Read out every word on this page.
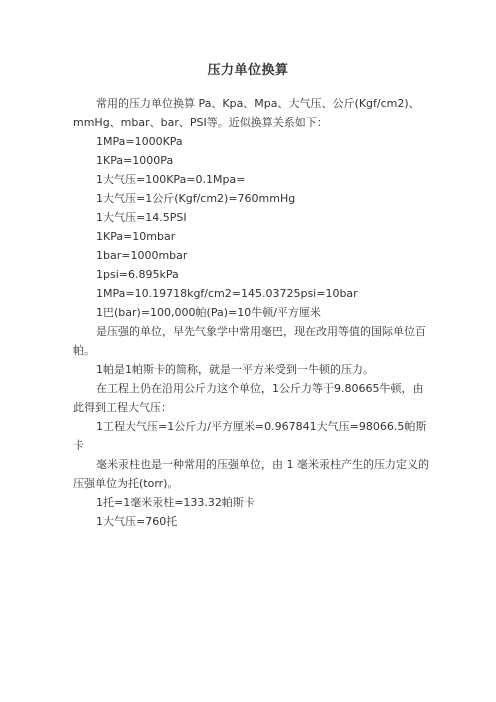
压力单位换算

常用的压力单位换算 Pa、Kpa、Mpa、大气压、公斤(Kgf/cm2)、mmHg、mbar、bar、PSI等。近似换算关系如下：

1MPa=1000KPa

1KPa=1000Pa

1大气压=100KPa=0.1Mpa=

1大气压=1公斤(Kgf/cm2)=760mmHg

1大气压=14.5PSI

1KPa=10mbar

1bar=1000mbar

1psi=6.895kPa

1MPa=10.19718kgf/cm2=145.03725psi=10bar

1巴(bar)=100,000帕(Pa)=10牛顿/平方厘米

是压强的单位，早先气象学中常用毫巴，现在改用等值的国际单位百帕。

1帕是1帕斯卡的简称，就是一平方米受到一牛顿的压力。

在工程上仍在沿用公斤力这个单位，1公斤力等于9.80665牛顿，由此得到工程大气压：

1工程大气压=1公斤力/平方厘米=0.967841大气压=98066.5帕斯卡

毫米汞柱也是一种常用的压强单位，由 1 毫米汞柱产生的压力定义的压强单位为托(torr)。

1托=1毫米汞柱=133.32帕斯卡

1大气压=760托
